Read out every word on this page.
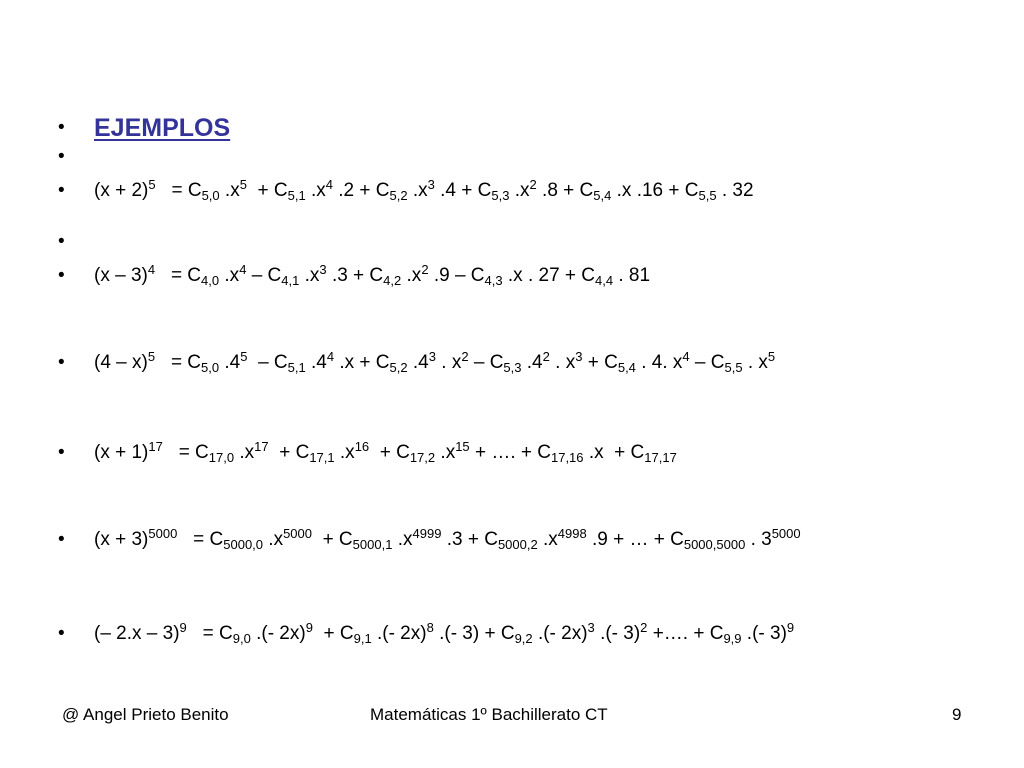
• EJEMPLOS
•
• $(x + 2)^5 = C_{5,0}$ $.x^5 + C_{5,1}$ $.x^4$ $.2 + C_{5,2}$ $.x^3$ $.4 + C_{5,3}$ $.x^2$ $.8 + C_{5,4}$ .x $.16 + C_{5,5}$ . 32
•
• $(x - 3)^4 = C_{4,0}$ $.x^4 - C_{4,1}$ $.x^3$ $.3 + C_{4,2}$ $.x^2$ $.9 - C_{4,3}$ .x . $27 + C_{4,4}$ . 81
• $(4 - x)^5 = C_{5,0}$ $.4^5 - C_{5,1}$ $.4^4$ $.x + C_{5,2}$ $.4^3$ . $x^2 - C_{5,3}$ $.4^2$ . $x^3 + C_{5,4}$ . 4. $x^4 - C_{5,5}$ . $x^5$
• $(x + 1)^{17} = C_{17,0}$ $.x^{17} + C_{17,1}$ $.x^{16} + C_{17,2}$ $.x^{15}$ + …. + $C_{17,16}$ $.x + C_{17,17}$
• $(x + 3)^{5000} = C_{5000,0}$ $.x^{5000} + C_{5000,1}$ $.x^{4999}$ $.3 + C_{5000,2}$ $.x^{4998}$ .9 + … + $C_{5000,5000}$ . $3^{5000}$
• (– $2.x - 3)^9 = C_{9,0}$ .(- $2x)^9 + C_{9,1}$ .(- 2x)$^8$ .(- $3) + C_{9,2}$ .(- 2x)$^3$ .(- 3)$^2$ +…. + $C_{9,9}$ .(- 3)$^9$
@ Angel Prieto Benito	Matemáticas 1º Bachillerato CT	9
